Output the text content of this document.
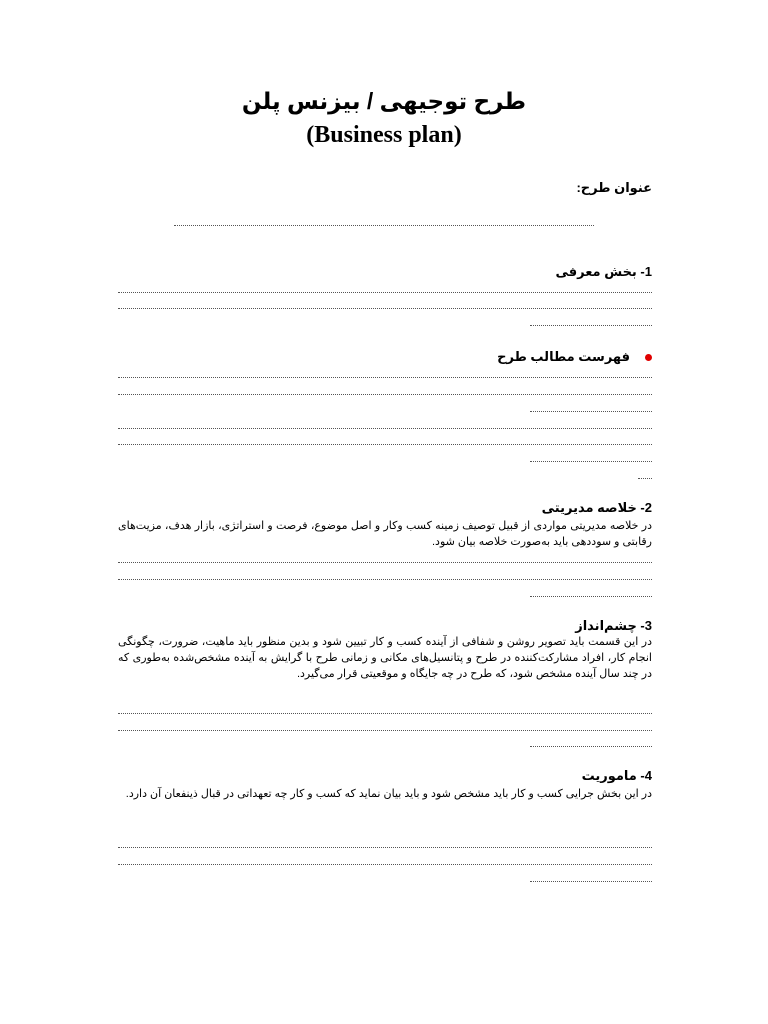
طرح توجیهی / بیزنس پلن
(Business plan)
عنوان طرح:
1- بخش معرفی
فهرست مطالب طرح
2- خلاصه مدیریتی
در خلاصه مدیریتی مواردی از قبیل توصیف زمینه کسب وکار و اصل موضوع، فرصت و استراتژی، بازار هدف، مزیت‌های رقابتی و سوددهی باید به‌صورت خلاصه بیان شود.
3- چشم‌انداز
در این قسمت باید تصویر روشن و شفافی از آینده کسب و کار تبیین شود و بدین منظور باید ماهیت، ضرورت، چگونگی انجام کار، افراد مشارکت‌کننده در طرح و پتانسیل‌های مکانی و زمانی طرح با گرایش به آینده مشخص‌شده به‌طوری که در چند سال آینده مشخص شود، که طرح در چه جایگاه و موقعیتی قرار می‌گیرد.
4- ماموریت
در این بخش جرایی کسب و کار باید مشخص شود و باید بیان نماید که کسب و کار چه تعهداتی در قبال ذینفعان آن دارد.
